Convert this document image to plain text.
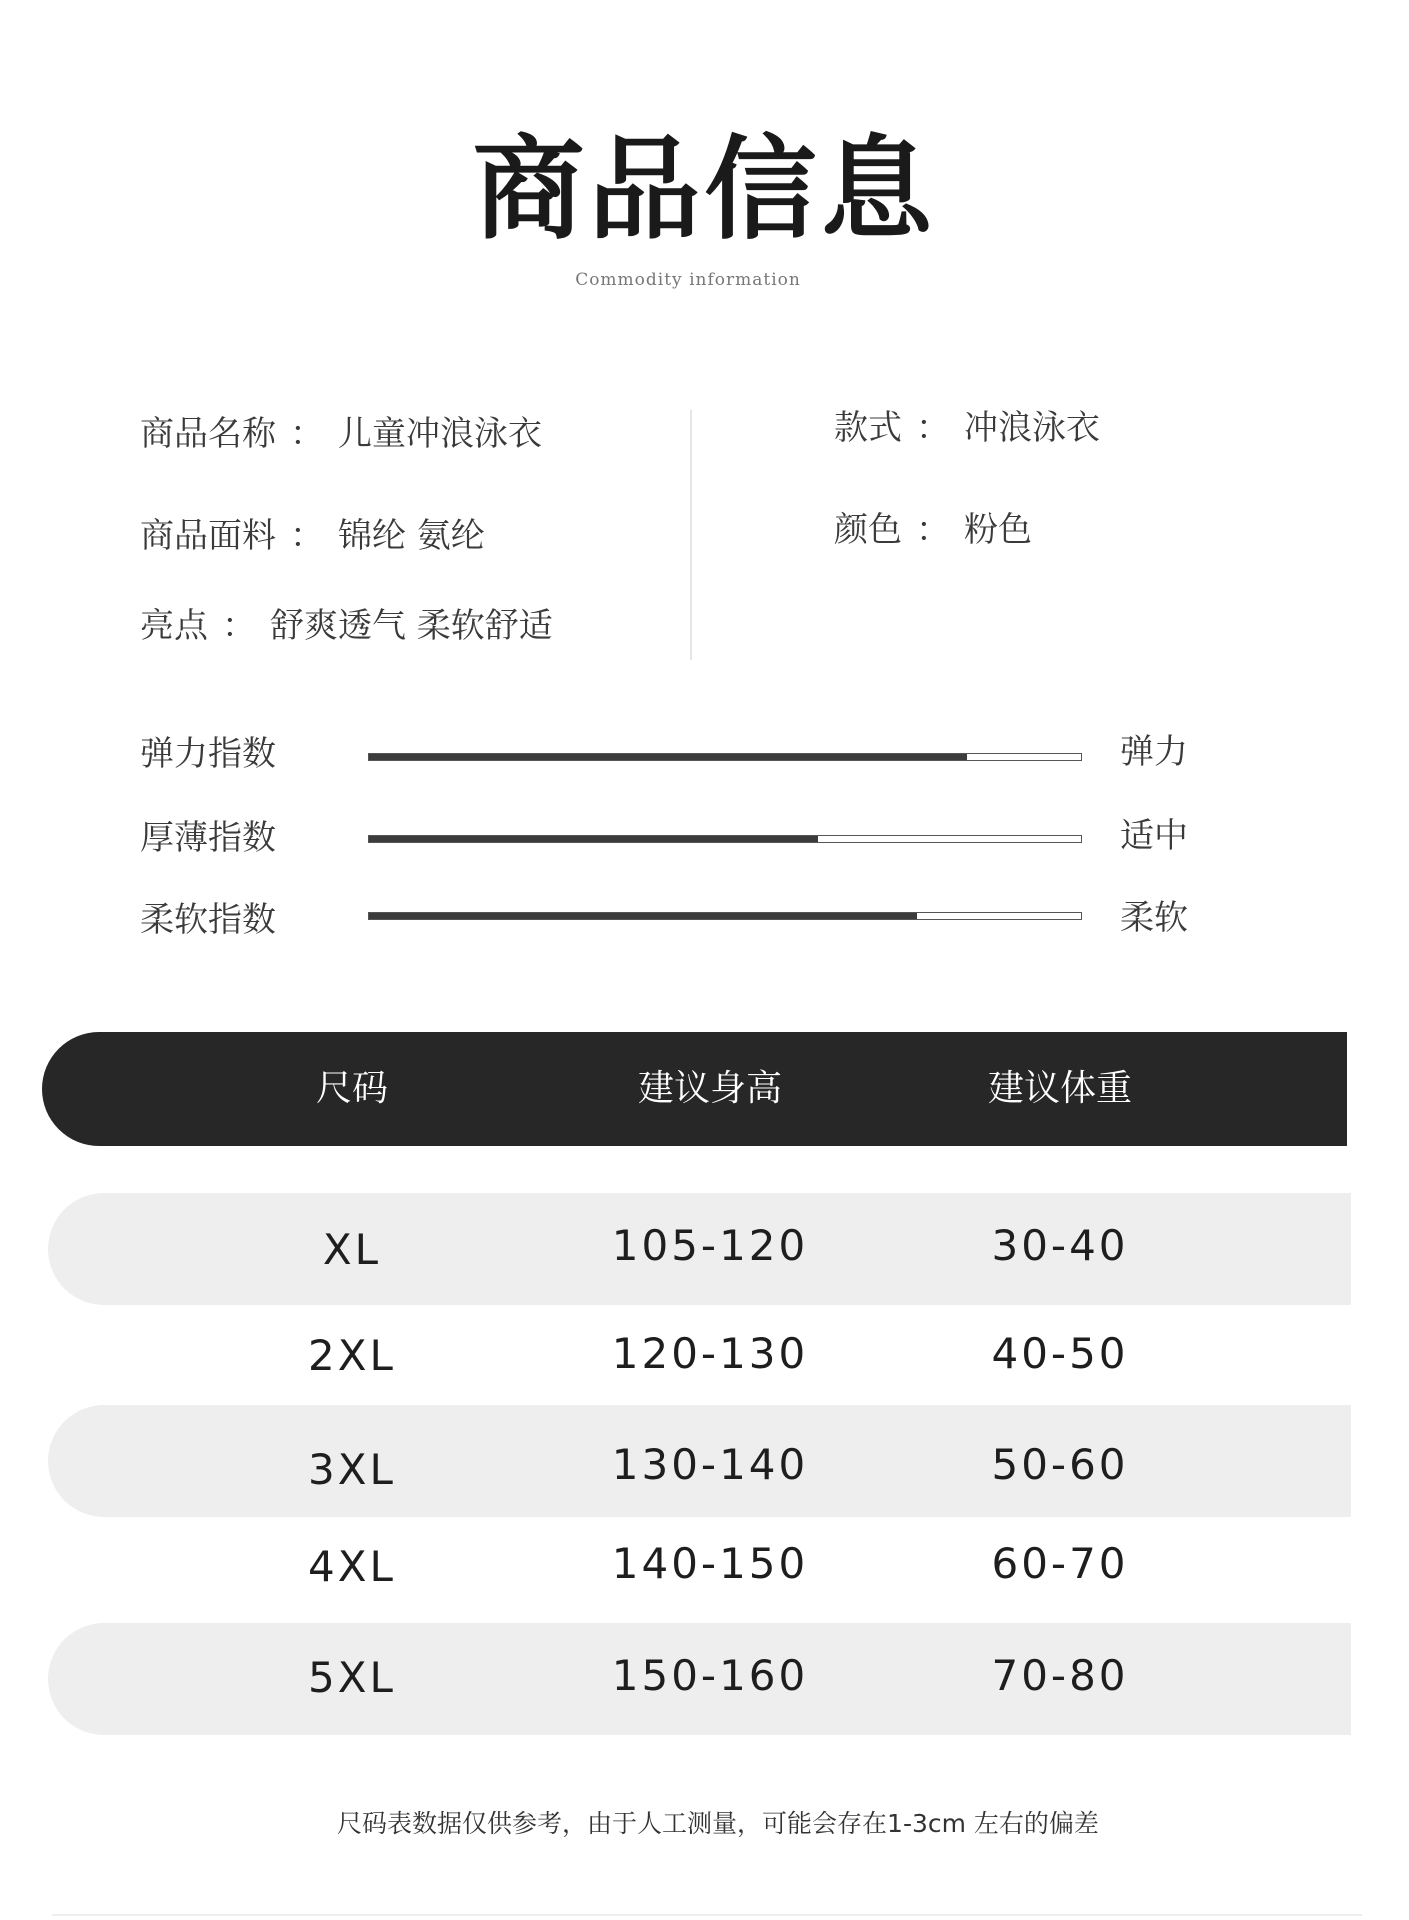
商品信息
Commodity information
商品名称 ： 儿童冲浪泳衣
商品面料 ： 锦纶 氨纶
亮点 ： 舒爽透气 柔软舒适
款式 ： 冲浪泳衣
颜色 ： 粉色
弹力指数	弹力
厚薄指数	适中
柔软指数	柔软
尺码	建议身高	建议体重
XL	105-120	30-40
2XL	120-130	40-50
3XL	130-140	50-60
4XL	140-150	60-70
5XL	150-160	70-80
尺码表数据仅供参考，由于人工测量，可能会存在1-3cm 左右的偏差
